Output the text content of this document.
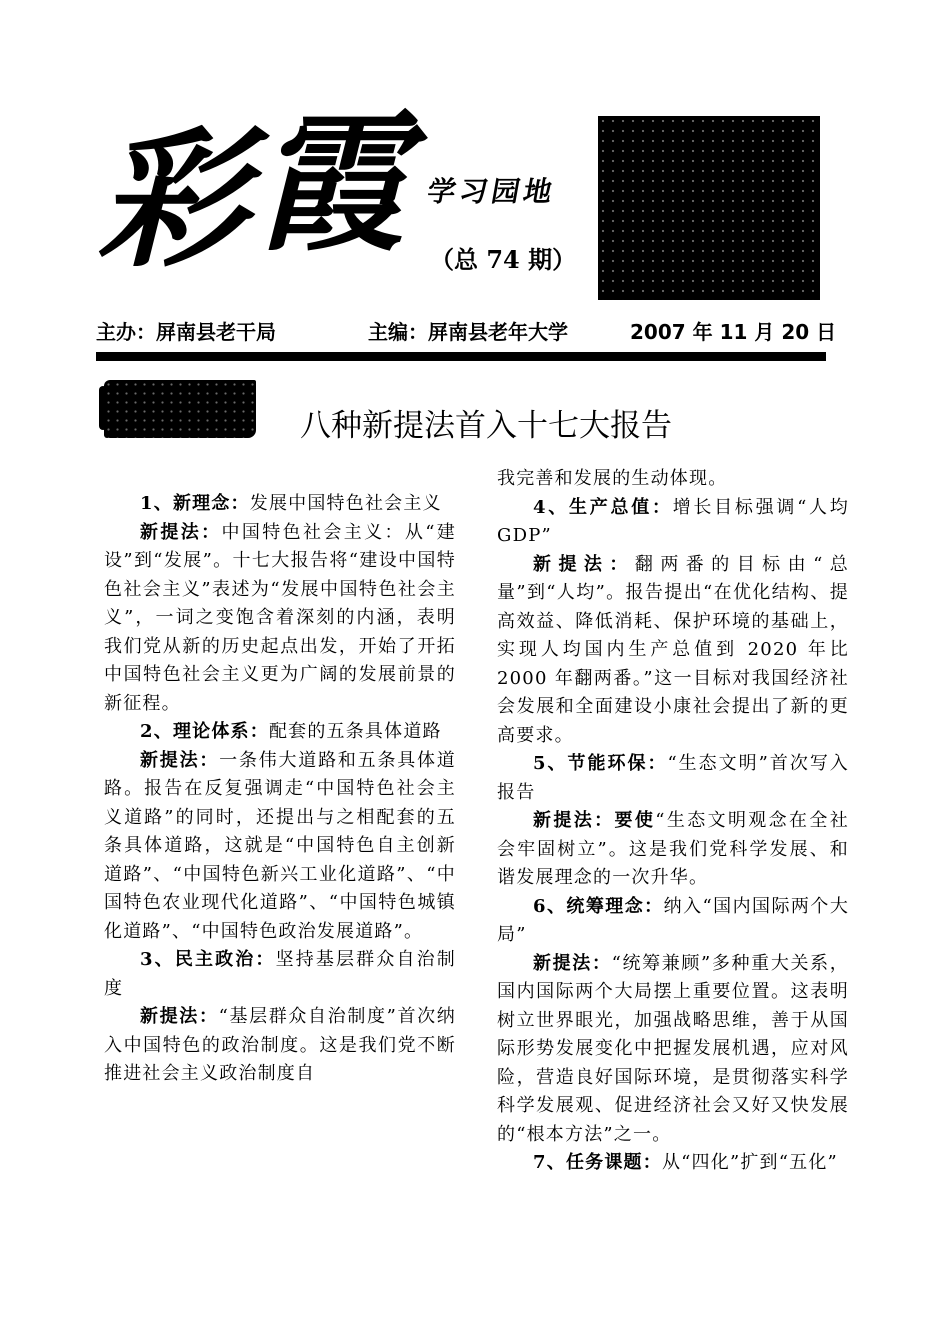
彩
霞
学习园地
（总 74 期）
主办：屏南县老干局	主编：屏南县老年大学	2007 年 11 月 20 日
八种新提法首入十七大报告

1、新理念：发展中国特色社会主义

新提法：中国特色社会主义：从“建设”到“发展”。十七大报告将“建设中国特色社会主义”表述为“发展中国特色社会主义”，一词之变饱含着深刻的内涵，表明我们党从新的历史起点出发，开始了开拓中国特色社会主义更为广阔的发展前景的新征程。

2、理论体系：配套的五条具体道路

新提法：一条伟大道路和五条具体道路。报告在反复强调走“中国特色社会主义道路”的同时，还提出与之相配套的五条具体道路，这就是“中国特色自主创新道路”、“中国特色新兴工业化道路”、“中国特色农业现代化道路”、“中国特色城镇化道路”、“中国特色政治发展道路”。

3、民主政治：坚持基层群众自治制度

新提法：“基层群众自治制度”首次纳入中国特色的政治制度。这是我们党不断推进社会主义政治制度自

我完善和发展的生动体现。

4、生产总值：增长目标强调“人均 GDP”

新提法：翻两番的目标由“总量”到“人均”。报告提出“在优化结构、提高效益、降低消耗、保护环境的基础上，实现人均国内生产总值到 2020 年比 2000 年翻两番。”这一目标对我国经济社会发展和全面建设小康社会提出了新的更高要求。

5、节能环保：“生态文明”首次写入报告

新提法：要使“生态文明观念在全社会牢固树立”。这是我们党科学发展、和谐发展理念的一次升华。

6、统筹理念：纳入“国内国际两个大局”

新提法：“统筹兼顾”多种重大关系，国内国际两个大局摆上重要位置。这表明树立世界眼光，加强战略思维，善于从国际形势发展变化中把握发展机遇，应对风险，营造良好国际环境，是贯彻落实科学科学发展观、促进经济社会又好又快发展的“根本方法”之一。

7、任务课题：从“四化”扩到“五化”
